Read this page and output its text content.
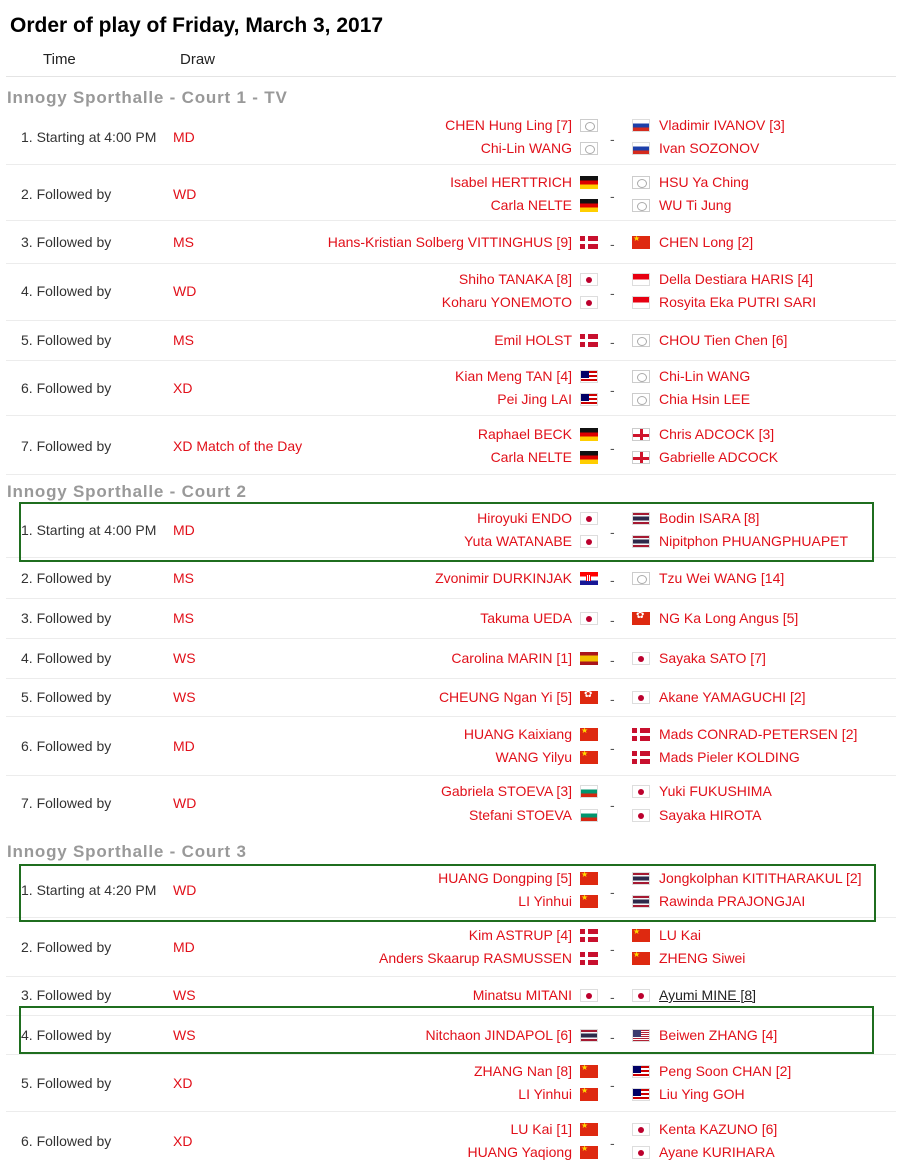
Order of play of Friday, March 3, 2017
Time	Draw
Innogy Sporthalle - Court 1 - TV
1. Starting at 4:00 PM MD	-
CHEN Hung Ling [7]	Vladimir IVANOV [3]
Chi-Lin WANG	Ivan SOZONOV
2. Followed by	WD	-
Isabel HERTTRICH	HSU Ya Ching
Carla NELTE	WU Ti Jung
3. Followed by	MS	-
Hans-Kristian Solberg VITTINGHUS [9] ★	CHEN Long [2]
4. Followed by	WD	-
Shiho TANAKA [8]	Della Destiara HARIS [4]
Koharu YONEMOTO	Rosyita Eka PUTRI SARI
5. Followed by	MS	-
Emil HOLST	CHOU Tien Chen [6]
6. Followed by	XD	-
Kian Meng TAN [4]	Chi-Lin WANG
Pei Jing LAI	Chia Hsin LEE
7. Followed by	XD Match of the Day	-
Raphael BECK	Chris ADCOCK [3]
Carla NELTE	Gabrielle ADCOCK
Innogy Sporthalle - Court 2
1. Starting at 4:00 PM MD	-
Hiroyuki ENDO	Bodin ISARA [8]
Yuta WATANABE	Nipitphon PHUANGPHUAPET
2. Followed by	MS	-
Zvonimir DURKINJAK	Tzu Wei WANG [14]
3. Followed by	MS	-
Takuma UEDA ✿	NG Ka Long Angus [5]
4. Followed by	WS	-
Carolina MARIN [1]	Sayaka SATO [7]
5. Followed by	WS	-
CHEUNG Ngan Yi [5] ✿	Akane YAMAGUCHI [2]
6. Followed by	MD	-
HUANG Kaixiang ★	Mads CONRAD-PETERSEN [2]
WANG Yilyu ★	Mads Pieler KOLDING
7. Followed by	WD	-
Gabriela STOEVA [3]	Yuki FUKUSHIMA
Stefani STOEVA	Sayaka HIROTA
Innogy Sporthalle - Court 3
1. Starting at 4:20 PM WD	-
HUANG Dongping [5] ★	Jongkolphan KITITHARAKUL [2]
LI Yinhui ★	Rawinda PRAJONGJAI
2. Followed by	MD	-
Kim ASTRUP [4] ★	LU Kai
Anders Skaarup RASMUSSEN ★	ZHENG Siwei
3. Followed by	WS	-
Minatsu MITANI	Ayumi MINE [8]
4. Followed by	WS	-
Nitchaon JINDAPOL [6]	Beiwen ZHANG [4]
5. Followed by	XD	-
ZHANG Nan [8] ★	Peng Soon CHAN [2]
LI Yinhui ★	Liu Ying GOH
6. Followed by	XD	-
LU Kai [1] ★	Kenta KAZUNO [6]
HUANG Yaqiong ★	Ayane KURIHARA
